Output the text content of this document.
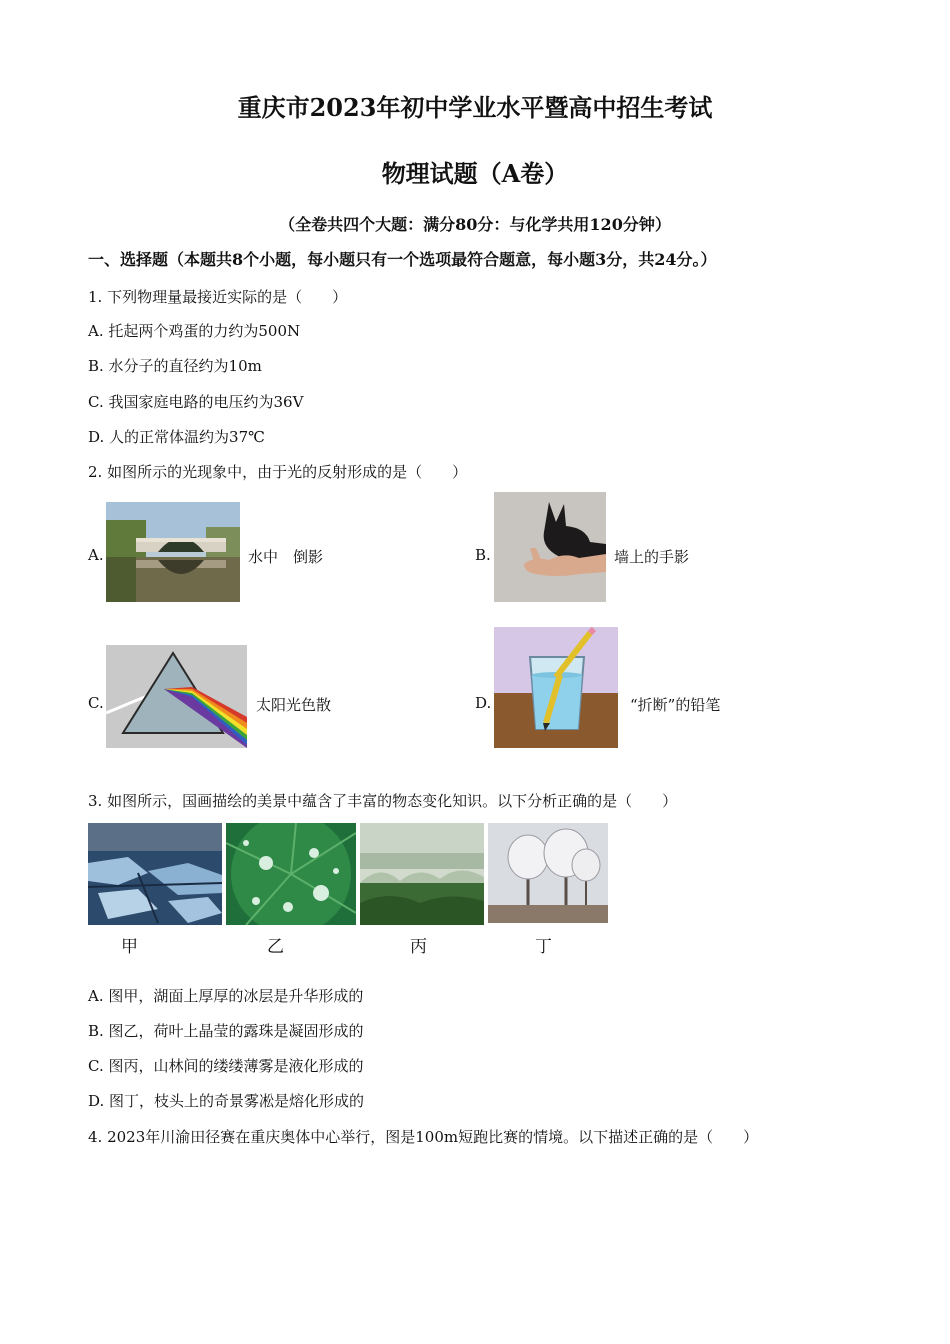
重庆市2023年初中学业水平暨高中招生考试
物理试题（A卷）
（全卷共四个大题：满分80分：与化学共用120分钟）
一、选择题（本题共8个小题，每小题只有一个选项最符合题意，每小题3分，共24分。）
1. 下列物理量最接近实际的是（　　）
A. 托起两个鸡蛋的力约为500N
B. 水分子的直径约为10m
C. 我国家庭电路的电压约为36V
D. 人的正常体温约为37℃
2. 如图所示的光现象中，由于光的反射形成的是（　　）
A.	水中　倒影	B.	墙上的手影
C.	太阳光色散	D.	“折断”的铅笔
3. 如图所示，国画描绘的美景中蕴含了丰富的物态变化知识。以下分析正确的是（　　）
甲	乙	丙	丁
A. 图甲，湖面上厚厚的冰层是升华形成的
B. 图乙，荷叶上晶莹的露珠是凝固形成的
C. 图丙，山林间的缕缕薄雾是液化形成的
D. 图丁，枝头上的奇景雾凇是熔化形成的
4. 2023年川渝田径赛在重庆奥体中心举行，图是100m短跑比赛的情境。以下描述正确的是（　　）
